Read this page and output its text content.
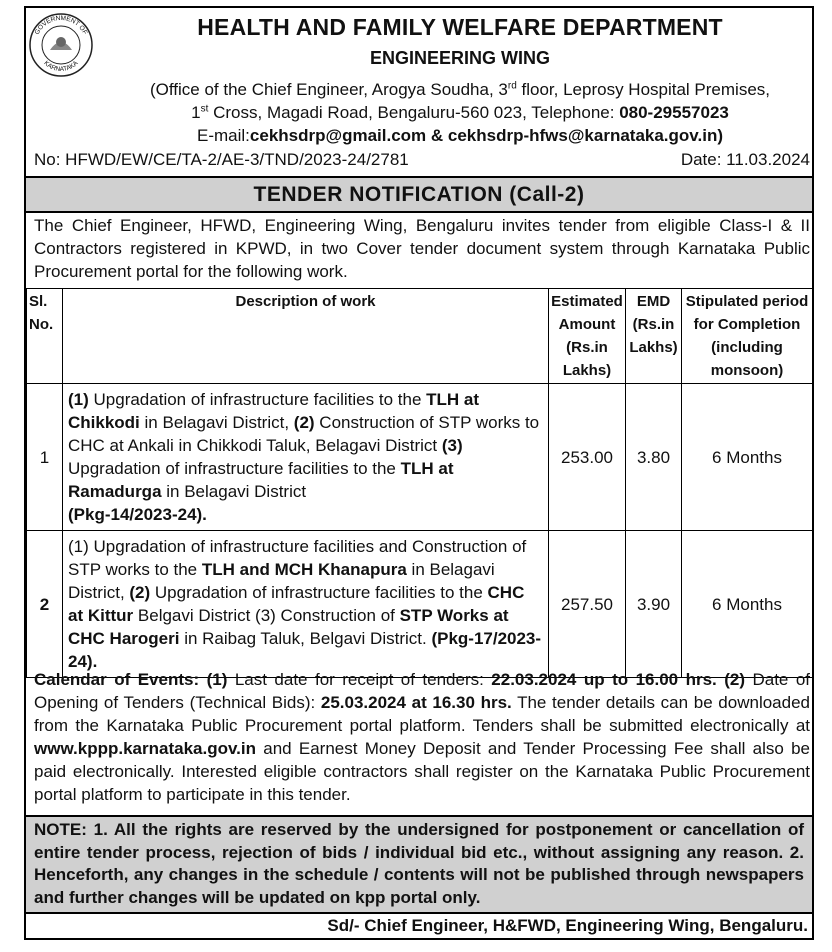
GOVERNMENT OF
KARNATAKA
HEALTH AND FAMILY WELFARE DEPARTMENT
ENGINEERING WING
(Office of the Chief Engineer, Arogya Soudha, 3rd floor, Leprosy Hospital Premises,
1st Cross, Magadi Road, Bengaluru-560 023, Telephone: 080-29557023
E-mail:cekhsdrp@gmail.com & cekhsdrp-hfws@karnataka.gov.in)
No: HFWD/EW/CE/TA-2/AE-3/TND/2023-24/2781	Date: 11.03.2024
TENDER NOTIFICATION (Call-2)
The Chief Engineer, HFWD, Engineering Wing, Bengaluru invites tender from eligible Class-I & II Contractors registered in KPWD, in two Cover tender document system through Karnataka Public Procurement portal for the following work.
Sl. No.	Description of work	Estimated Amount (Rs.in Lakhs)	EMD (Rs.in Lakhs)	Stipulated period for Completion (including monsoon)
1	(1) Upgradation of infrastructure facilities to the TLH at Chikkodi in Belagavi District, (2) Construction of STP works to CHC at Ankali in Chikkodi Taluk, Belagavi District (3) Upgradation of infrastructure facilities to the TLH at Ramadurga in Belagavi District
(Pkg-14/2023-24).	253.00	3.80	6 Months
2	(1) Upgradation of infrastructure facilities and Construction of STP works to the TLH and MCH Khanapura in Belagavi District, (2) Upgradation of infrastructure facilities to the CHC at Kittur Belgavi District (3) Construction of STP Works at CHC Harogeri in Raibag Taluk, Belgavi District. (Pkg-17/2023-24).	257.50	3.90	6 Months
Calendar of Events: (1) Last date for receipt of tenders: 22.03.2024 up to 16.00 hrs. (2) Date of Opening of Tenders (Technical Bids): 25.03.2024 at 16.30 hrs. The tender details can be downloaded from the Karnataka Public Procurement portal platform. Tenders shall be submitted electronically at www.kppp.karnataka.gov.in and Earnest Money Deposit and Tender Processing Fee shall also be paid electronically. Interested eligible contractors shall register on the Karnataka Public Procurement portal platform to participate in this tender.
NOTE: 1. All the rights are reserved by the undersigned for postponement or cancellation of entire tender process, rejection of bids / individual bid etc., without assigning any reason. 2. Henceforth, any changes in the schedule / contents will not be published through newspapers and further changes will be updated on kpp portal only.
Sd/- Chief Engineer, H&FWD, Engineering Wing, Bengaluru.
